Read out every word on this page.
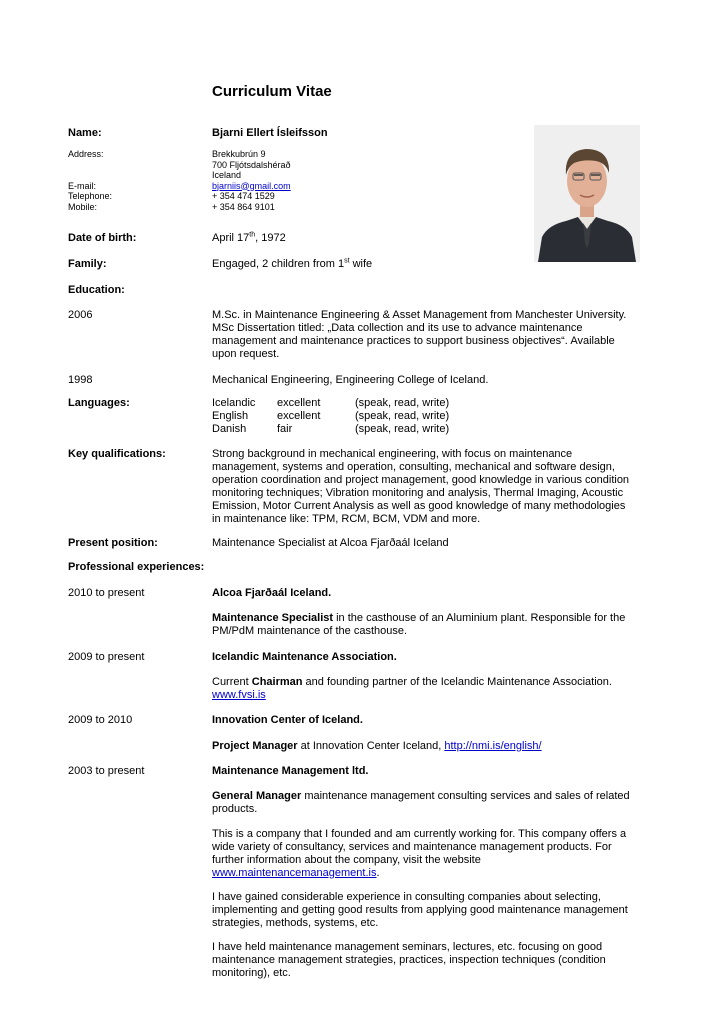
Curriculum Vitae
Name:	Bjarni Ellert Ísleifsson
Address:	Brekkubrún 9
700 Fljótsdalshérað
Iceland
E-mail:	bjarniis@gmail.com
Telephone:	+ 354 474 1529
Mobile:	+ 354 864 9101
Date of birth:	April 17th, 1972
Family:	Engaged, 2 children from 1st wife
Education:
2006	M.Sc. in Maintenance Engineering & Asset Management from Manchester University. MSc Dissertation titled: „Data collection and its use to advance maintenance management and maintenance practices to support business objectives“. Available upon request.
1998	Mechanical Engineering, Engineering College of Iceland.
Languages:	Icelandic excellent	(speak, read, write)
English	excellent	(speak, read, write)
Danish	fair	(speak, read, write)
Key qualifications:	Strong background in mechanical engineering, with focus on maintenance management, systems and operation, consulting, mechanical and software design, operation coordination and project management, good knowledge in various condition monitoring techniques; Vibration monitoring and analysis, Thermal Imaging, Acoustic Emission, Motor Current Analysis as well as good knowledge of many methodologies in maintenance like: TPM, RCM, BCM, VDM and more.
Present position:	Maintenance Specialist at Alcoa Fjarðaál Iceland
Professional experiences:
2010 to present	Alcoa Fjarðaál Iceland.
Maintenance Specialist in the casthouse of an Aluminium plant. Responsible for the PM/PdM maintenance of the casthouse.
2009 to present	Icelandic Maintenance Association.
Current Chairman and founding partner of the Icelandic Maintenance Association.
www.fvsi.is
2009 to 2010	Innovation Center of Iceland.
Project Manager at Innovation Center Iceland, http://nmi.is/english/
2003 to present	Maintenance Management ltd.
General Manager maintenance management consulting services and sales of related products.
This is a company that I founded and am currently working for. This company offers a wide variety of consultancy, services and maintenance management products. For further information about the company, visit the website www.maintenancemanagement.is.
I have gained considerable experience in consulting companies about selecting, implementing and getting good results from applying good maintenance management strategies, methods, systems, etc.
I have held maintenance management seminars, lectures, etc. focusing on good maintenance management strategies, practices, inspection techniques (condition monitoring), etc.
